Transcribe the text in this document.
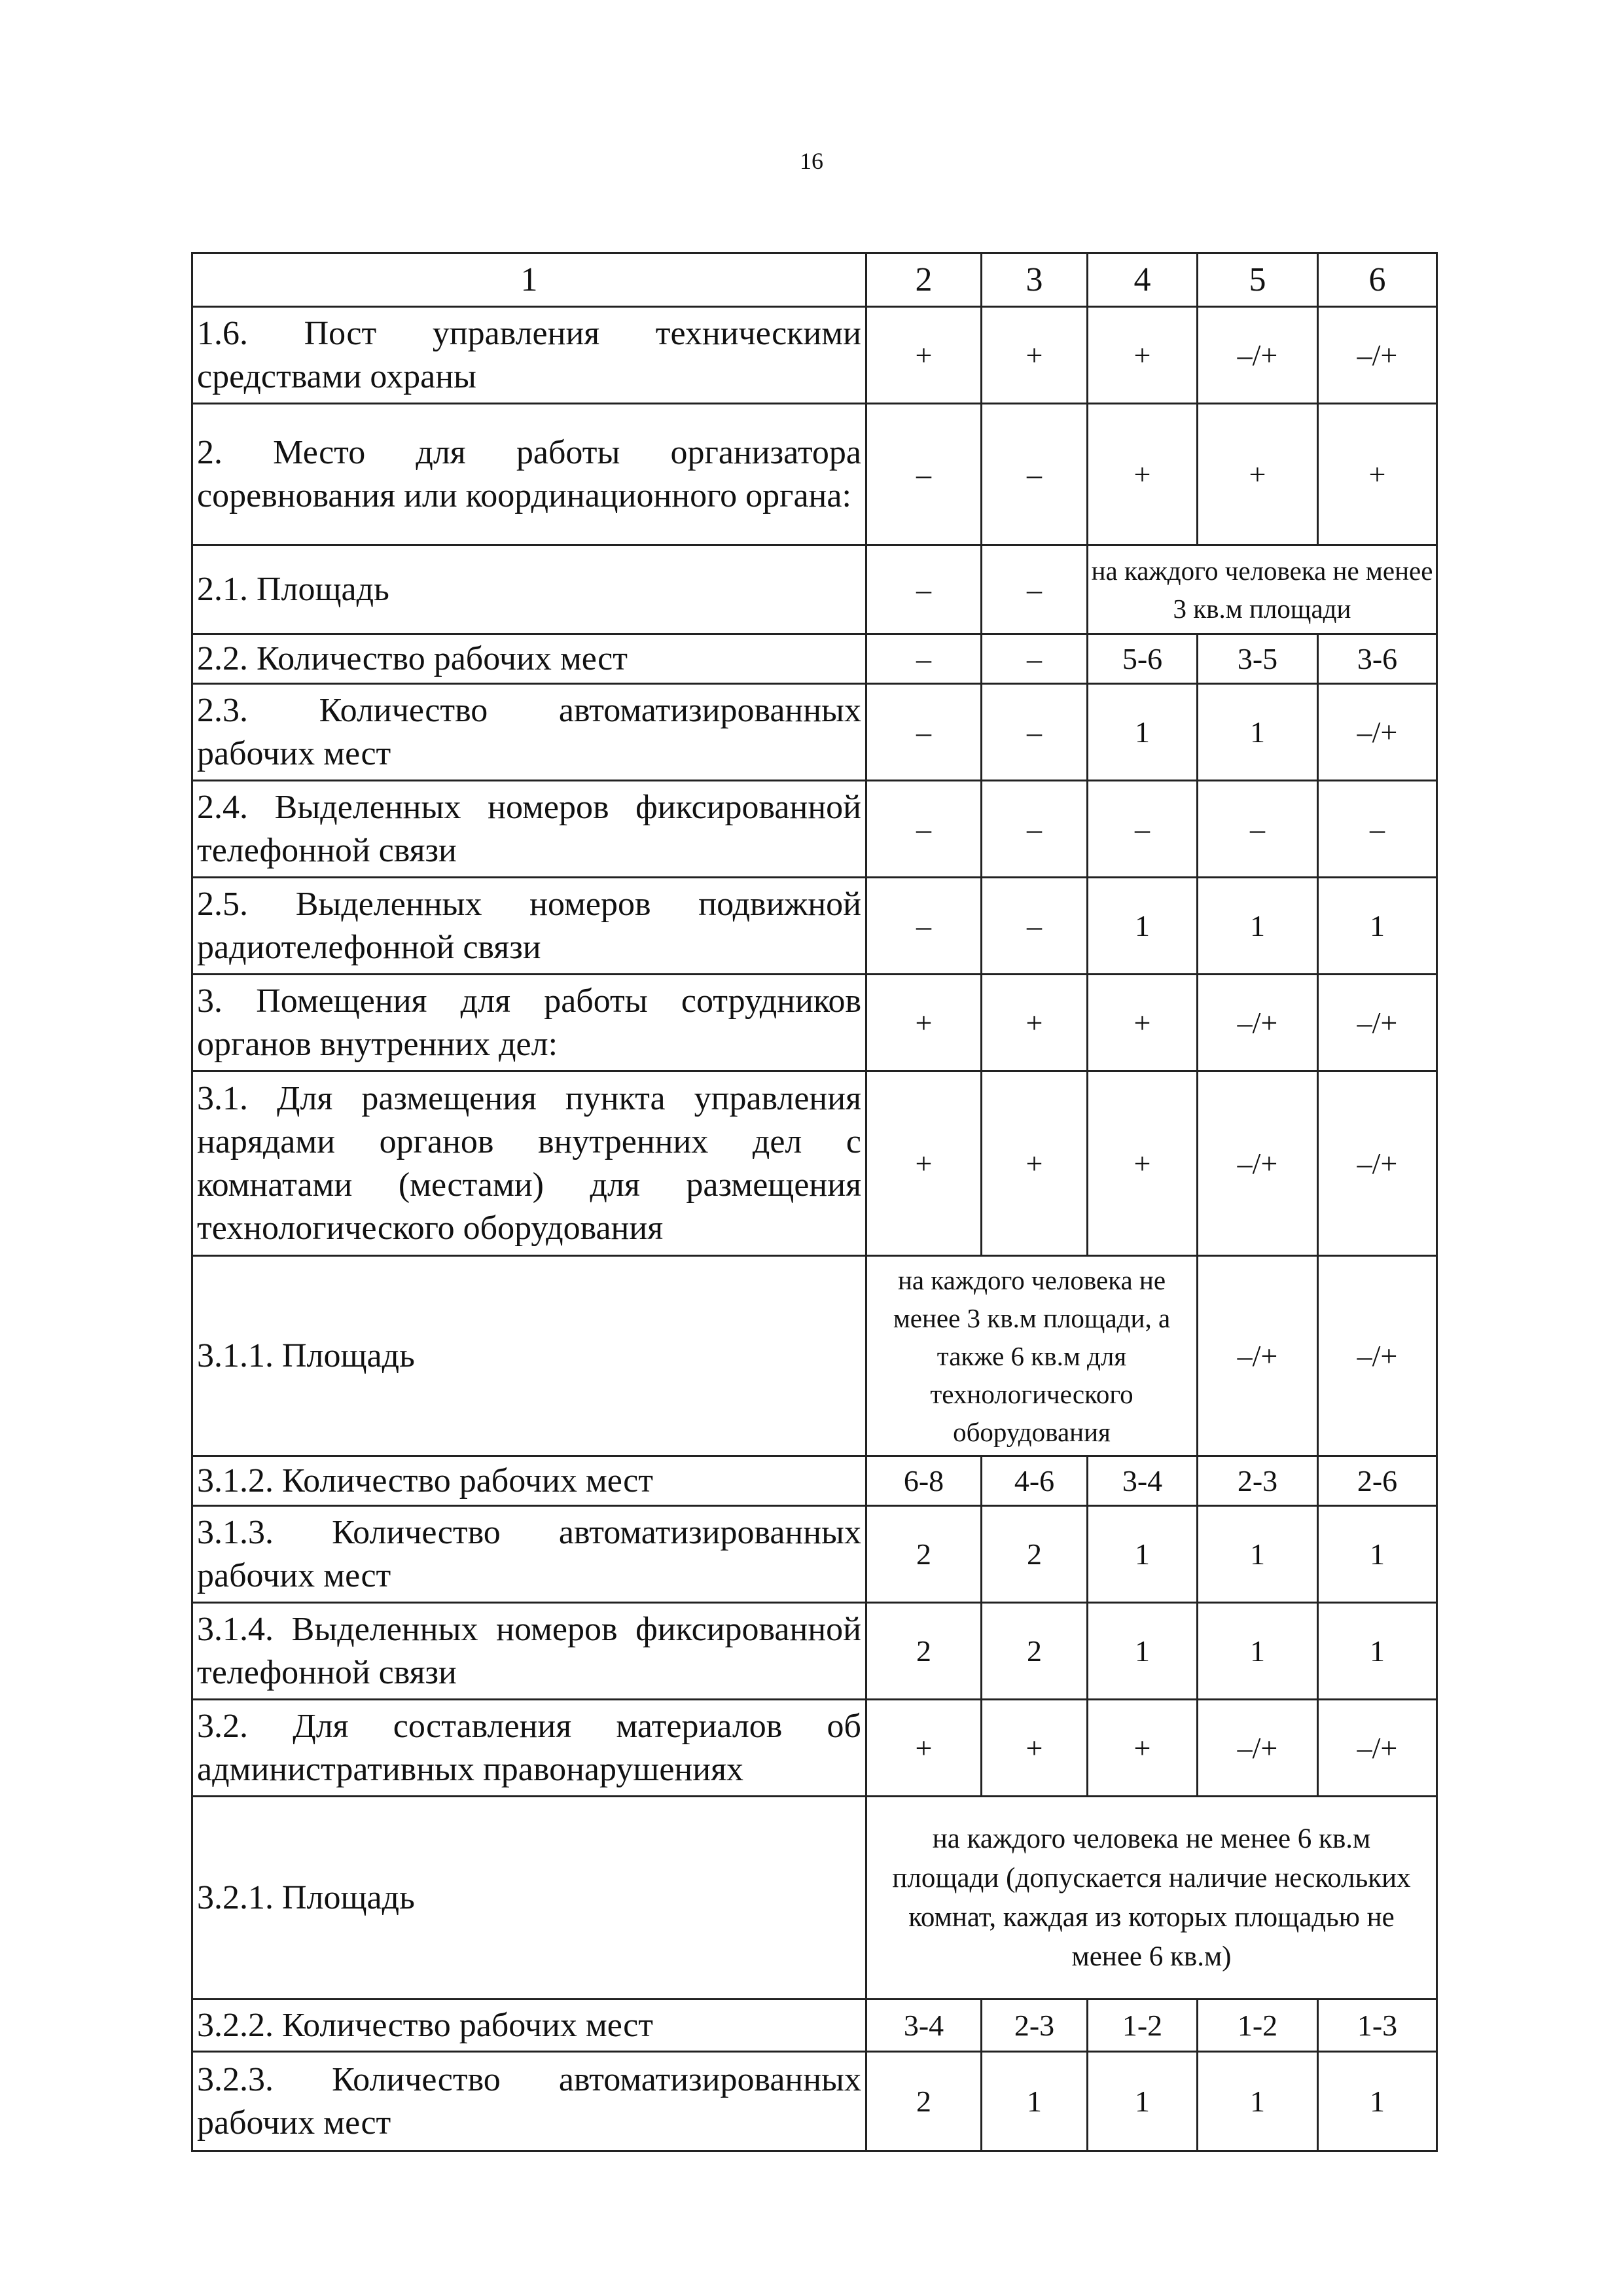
16
1	2	3	4	5	6
1.6. Пост управления техническими средствами охраны	+	+	+	–/+	–/+
2. Место для работы организатора соревнования или координационного органа:	–	–	+	+	+
2.1. Площадь	–	–	на каждого человека не менее 3 кв.м площади		
2.2. Количество рабочих мест	–	–	5-6	3-5	3-6
2.3. Количество автоматизированных рабочих мест	–	–	1	1	–/+
2.4. Выделенных номеров фиксированной телефонной связи	–	–	–	–	–
2.5. Выделенных номеров подвижной радиотелефонной связи	–	–	1	1	1
3. Помещения для работы сотрудников органов внутренних дел:	+	+	+	–/+	–/+
3.1. Для размещения пункта управления нарядами органов внутренних дел с комнатами (местами) для размещения технологического оборудования	+	+	+	–/+	–/+
3.1.1. Площадь	на каждого человека не менее 3 кв.м площади, а также 6 кв.м для технологического оборудования			–/+	–/+
3.1.2. Количество рабочих мест	6-8	4-6	3-4	2-3	2-6
3.1.3. Количество автоматизированных рабочих мест	2	2	1	1	1
3.1.4. Выделенных номеров фиксированной телефонной связи	2	2	1	1	1
3.2. Для составления материалов об административных правонарушениях	+	+	+	–/+	–/+
3.2.1. Площадь	на каждого человека не менее 6 кв.м площади (допускается наличие нескольких комнат, каждая из которых площадью не менее 6 кв.м)				
3.2.2. Количество рабочих мест	3-4	2-3	1-2	1-2	1-3
3.2.3. Количество автоматизированных рабочих мест	2	1	1	1	1
